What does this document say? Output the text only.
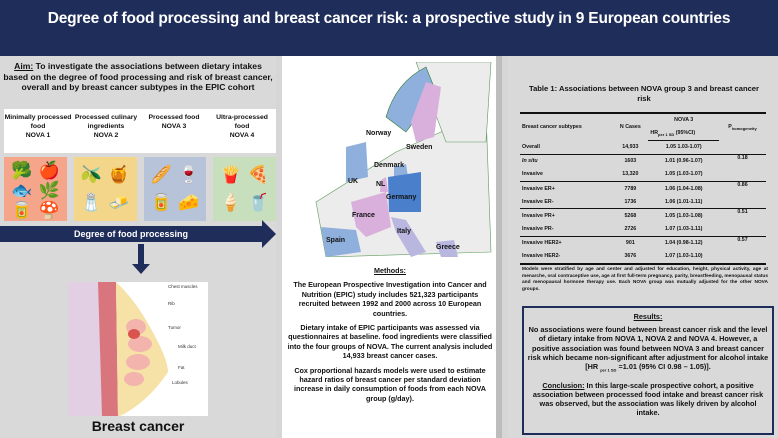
Degree of food processing and breast cancer risk: a prospective study in 9 European countries
Aim: To investigate the associations between dietary intakes based on the degree of food processing and risk of breast cancer, overall and by breast cancer subtypes in the EPIC cohort
Minimally processed food
NOVA 1
Processed culinary ingredients
NOVA 2
Processed food
NOVA 3
Ultra-processed food
NOVA 4
🥦 🍎
🐟 🌿
🥫 🍄
🫒 🍯
🧂 🧈
🥖 🍷
🥫 🧀
🍟 🍕
🍦 🥤
Degree of food processing
Chest muscles
Rib
Tumor
Milk duct
Fat
Lobules
Breast cancer
Norway
Sweden
Denmark
UK	NL
Germany
France
Spain
Italy
Greece

Methods:

The European Prospective Investigation into Cancer and Nutrition (EPIC) study includes 521,323 participants recruited between 1992 and 2000 across 10 European countries.

Dietary intake of EPIC participants was assessed via questionnaires at baseline. food ingredients were classified into the four groups of NOVA. The current analysis included 14,933 breast cancer cases.

Cox proportional hazards models were used to estimate hazard ratios of breast cancer per standard deviation increase in daily consumption of foods from each NOVA group (g/day).

Table 1: Associations between NOVA group 3 and breast cancer risk
Breast cancer subtypes	N Cases	NOVA 3	$P_{homogeneity}$
		$HR_{per 1 SD}$ (95%CI)	
Overall	14,933	1.05 1.03-1.07)	
In situ	1603	1.01 (0.96-1.07)	0.18
Invasive	13,320	1.05 (1.03-1.07)	
Invasive ER+	7789	1.06 (1.04-1.08)	0.86
Invasive ER-	1736	1.06 (1.01-1.11)	
Invasive PR+	5268	1.05 (1.03-1.08)	0.51
Invasive PR-	2726	1.07 (1.03-1.11)	
Invasive HER2+	901	1.04 (0.98-1.12)	0.57
Invasive HER2-	3676	1.07 (1.03-1.10)	
Models were stratified by age and center and adjusted for education, height, physical activity, age at menarche, oral contraceptive use, age at first full-term pregnancy, parity, breastfeeding, menopausal status and menopausal hormone therapy use. Each NOVA group was mutually adjusted for the other NOVA groups.

Results:

No associations were found between breast cancer risk and the level of dietary intake from NOVA 1, NOVA 2 and NOVA 4. However, a positive association was found between NOVA 3 and breast cancer risk which became non-significant after adjustment for alcohol intake [HR $_{per 1 SD}$ =1.01 (95% CI 0.98 – 1.05)].

Conclusion: In this large-scale prospective cohort, a positive association between processed food intake and breast cancer risk was observed, but the association was likely driven by alcohol intake.
